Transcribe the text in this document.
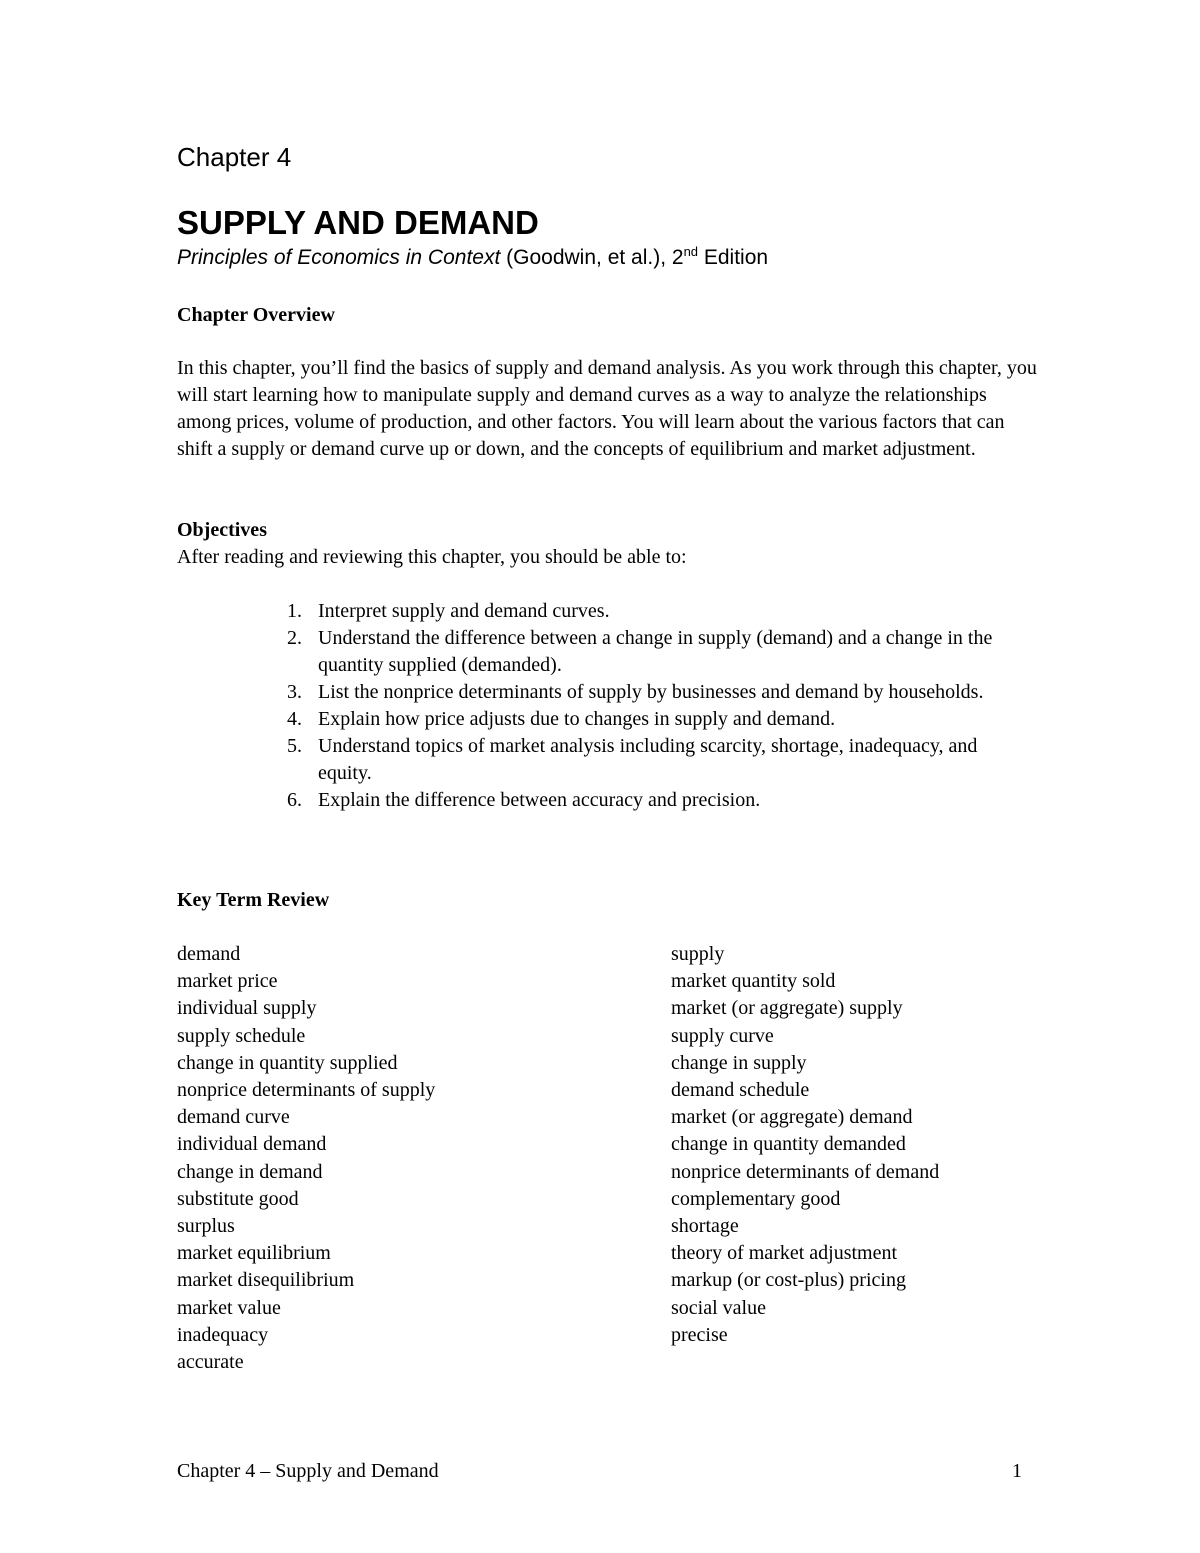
Chapter 4

SUPPLY AND DEMAND

Principles of Economics in Context (Goodwin, et al.), 2nd Edition

Chapter Overview

In this chapter, you’ll find the basics of supply and demand analysis. As you work through this chapter, you will start learning how to manipulate supply and demand curves as a way to analyze the relationships among prices, volume of production, and other factors. You will learn about the various factors that can shift a supply or demand curve up or down, and the concepts of equilibrium and market adjustment.

Objectives

After reading and reviewing this chapter, you should be able to:

1. Interpret supply and demand curves.
2. Understand the difference between a change in supply (demand) and a change in the quantity supplied (demanded).
3. List the nonprice determinants of supply by businesses and demand by households.
4. Explain how price adjusts due to changes in supply and demand.
5. Understand topics of market analysis including scarcity, shortage, inadequacy, and equity.
6. Explain the difference between accuracy and precision.
Key Term Review
demand
market price
individual supply
supply schedule
change in quantity supplied
nonprice determinants of supply
demand curve
individual demand
change in demand
substitute good
surplus
market equilibrium
market disequilibrium
market value
inadequacy
accurate
supply
market quantity sold
market (or aggregate) supply
supply curve
change in supply
demand schedule
market (or aggregate) demand
change in quantity demanded
nonprice determinants of demand
complementary good
shortage
theory of market adjustment
markup (or cost-plus) pricing
social value
precise

Chapter 4 – Supply and Demand	1
